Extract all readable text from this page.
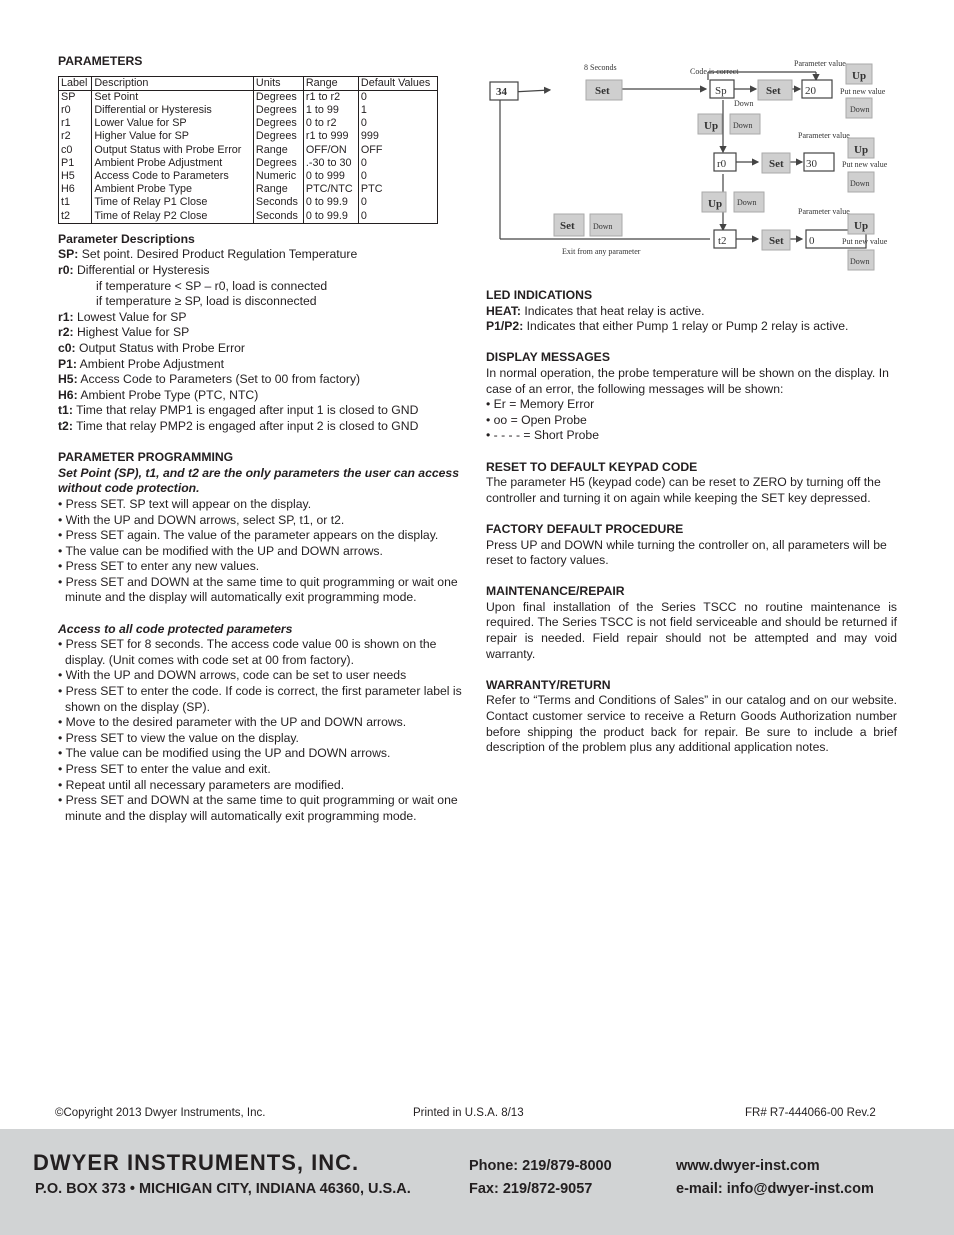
PARAMETERS
Label	Description	Units	Range	Default Values
SP	Set Point	Degrees	r1 to r2	0
r0	Differential or Hysteresis	Degrees	1 to 99	1
r1	Lower Value for SP	Degrees	0 to r2	0
r2	Higher Value for SP	Degrees	r1 to 999	999
c0	Output Status with Probe Error	Range	OFF/ON	OFF
P1	Ambient Probe Adjustment	Degrees	.-30 to 30	0
H5	Access Code to Parameters	Numeric	0 to 999	0
H6	Ambient Probe Type	Range	PTC/NTC	PTC
t1	Time of Relay P1 Close	Seconds	0 to 99.9	0
t2	Time of Relay P2 Close	Seconds	0 to 99.9	0
Parameter Descriptions

SP: Set point. Desired Product Regulation Temperature

r0: Differential or Hysteresis

if temperature < SP – r0, load is connected

if temperature ≥ SP, load is disconnected

r1: Lowest Value for SP

r2: Highest Value for SP

c0: Output Status with Probe Error

P1: Ambient Probe Adjustment

H5: Access Code to Parameters (Set to 00 from factory)

H6: Ambient Probe Type (PTC, NTC)

t1: Time that relay PMP1 is engaged after input 1 is closed to GND

t2: Time that relay PMP2 is engaged after input 2 is closed to GND

PARAMETER PROGRAMMING

Set Point (SP), t1, and t2 are the only parameters the user can access without code protection.

• Press SET. SP text will appear on the display.
• With the UP and DOWN arrows, select SP, t1, or t2.
• Press SET again. The value of the parameter appears on the display.
• The value can be modified with the UP and DOWN arrows.
• Press SET to enter any new values.
• Press SET and DOWN at the same time to quit programming or wait one minute and the display will automatically exit programming mode.

Access to all code protected parameters

• Press SET for 8 seconds. The access code value 00 is shown on the display. (Unit comes with code set at 00 from factory).
• With the UP and DOWN arrows, code can be set to user needs
• Press SET to enter the code. If code is correct, the first parameter label is shown on the display (SP).
• Move to the desired parameter with the UP and DOWN arrows.
• Press SET to view the value on the display.
• The value can be modified using the UP and DOWN arrows.
• Press SET to enter the value and exit.
• Repeat until all necessary parameters are modified.
• Press SET and DOWN at the same time to quit programming or wait one minute and the display will automatically exit programming mode.
34	Set	Sp	Set 20
Up
Up
r0	Set 30
Up
Up
t2	Set 0
Up
Set
8 Seconds	Code is correct
Down
Down
Down
Down
Down
Down
Down
Parameter value
Parameter value
Parameter value
Put new value
Put new value
Put new value
Exit from any parameter
LED INDICATIONS

HEAT: Indicates that heat relay is active.

P1/P2: Indicates that either Pump 1 relay or Pump 2 relay is active.

DISPLAY MESSAGES

In normal operation, the probe temperature will be shown on the display. In case of an error, the following messages will be shown:

• Er = Memory Error
• oo = Open Probe
• - - - - = Short Probe
RESET TO DEFAULT KEYPAD CODE

The parameter H5 (keypad code) can be reset to ZERO by turning off the controller and turning it on again while keeping the SET key depressed.

FACTORY DEFAULT PROCEDURE

Press UP and DOWN while turning the controller on, all parameters will be reset to factory values.

MAINTENANCE/REPAIR

Upon final installation of the Series TSCC no routine maintenance is required. The Series TSCC is not field serviceable and should be returned if repair is needed. Field repair should not be attempted and may void warranty.

WARRANTY/RETURN

Refer to “Terms and Conditions of Sales” in our catalog and on our website. Contact customer service to receive a Return Goods Authorization number before shipping the product back for repair. Be sure to include a brief description of the problem plus any additional application notes.

©Copyright 2013 Dwyer Instruments, Inc.	Printed in U.S.A. 8/13	FR# R7-444066-00 Rev.2
DWYER INSTRUMENTS, INC.
P.O. BOX 373 • MICHIGAN CITY, INDIANA 46360, U.S.A.
Phone: 219/879-8000
Fax: 219/872-9057
www.dwyer-inst.com
e-mail: info@dwyer-inst.com
